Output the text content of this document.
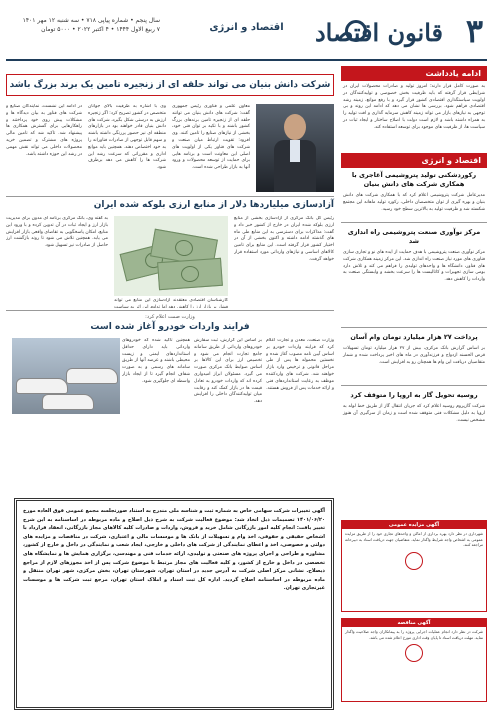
۳
قانون اقتصاد
اقتصاد و انرژی
سال پنجم • شماره پیاپی ۷۱۸ • سه شنبه ۱۲ مهر ۱۴۰۱
۷ ربیع الاول ۱۴۴۴ • ۴ اکتبر ۲۰۲۲ • ۵۰۰۰ تومان
ادامه یادداشت
به صورت کامل قرار دارند؛ امروز تولید و صادرات محصولات ایران در شرایطی قرار گرفته که باید ظرفیت بخش خصوصی و تولیدکنندگان در اولویت سیاستگذاری اقتصادی کشور قرار گیرد و با رفع موانع، زمینه رشد اقتصادی فراهم شود. بررسی ها نشان می دهد که ادامه این روند و بی توجهی به نیازهای بازار می تواند زمینه کاهش سرمایه گذاری و افت تولید را به همراه داشته باشد و لازم است دولت با اصلاح ساختار و ایجاد ثبات در سیاست ها، از ظرفیت های موجود برای توسعه استفاده کند.
اقتصاد و انرژی
رکوردشکنی تولید پتروشیمی آغاجری با همکاری شرکت های دانش بنیان
مدیرعامل شرکت پتروشیمی اعلام کرد که با همکاری شرکت های دانش بنیان و بهره گیری از توان متخصصان داخلی، رکورد تولید ماهانه این مجتمع شکسته شد و ظرفیت تولید به بالاترین سطح خود رسید.
مرکز نوآوری صنعت پتروشیمی راه اندازی شد
مرکز نوآوری صنعت پتروشیمی با هدف حمایت از ایده های نو و تجاری سازی فناوری های مورد نیاز صنعت راه اندازی شد. این مرکز زمینه همکاری شرکت های فناور، دانشگاه ها و واحدهای تولیدی را فراهم می کند و تلاش دارد بومی سازی تجهیزات و کاتالیست ها را سرعت بخشد و وابستگی صنعت به واردات را کاهش دهد.
پرداخت ۲۷ هزار میلیارد تومان وام آسان
بر اساس گزارش بانک مرکزی، بیش از ۲۷ هزار میلیارد تومان تسهیلات قرض الحسنه ازدواج و فرزندآوری در ماه های اخیر پرداخت شده و شمار متقاضیان دریافت این وام ها همچنان رو به افزایش است.
روسیه تحویل گاز به اروپا را متوقف کرد
شرکت گازپروم روسیه اعلام کرد که جریان انتقال گاز از طریق خط لوله به اروپا به دلیل مشکلات فنی متوقف شده است و زمان از سرگیری آن هنوز مشخص نیست.
شرکت دانش بنیان می تواند حلقه ای از زنجیره تامین یک برند بزرگ باشد
معاون علمی و فناوری رئیس جمهوری گفت: شرکت های دانش بنیان می توانند حلقه ای از زنجیره تامین برندهای بزرگ کشور باشند و با تکیه بر توان فنی خود، بخشی از نیازهای صنایع را تامین کنند. وی افزود: تقویت ارتباط میان صنعت و شرکت های فناور یکی از اولویت های اصلی این معاونت است و برنامه هایی برای حمایت از توسعه محصولات و ورود آنها به بازار طراحی شده است.
وی با اشاره به ظرفیت بالای جوانان متخصص در کشور تصریح کرد: اگر زنجیره ارزش به درستی شکل بگیرد، شرکت های دانش بنیان قادر خواهند بود در بازارهای منطقه ای نیز حضور پررنگی داشته باشند و سهم قابل توجهی از صادرات فناورانه را به خود اختصاص دهند. همچنین باید موانع اداری و مقرراتی که سرعت رشد این شرکت ها را کاهش می دهد برطرف شود.
در ادامه این نشست، نمایندگان صنایع و شرکت های فناور به بیان دیدگاه ها و مشکلات پیش روی خود پرداختند و راهکارهایی برای گسترش همکاری ها پیشنهاد شد. تاکید شد که تامین مالی پروژه های مشترک و تضمین خرید محصولات داخلی می تواند نقش مهمی در رشد این حوزه داشته باشد.
آزادسازی میلیاردها دلار از منابع ارزی بلوکه شده ایران
رئیس کل بانک مرکزی از آزادسازی بخشی از منابع ارزی بلوکه شده ایران در خارج از کشور خبر داد و گفت: مذاکرات برای دسترسی به این منابع طی ماه های گذشته ادامه داشته و اکنون بخشی از آن در اختیار کشور قرار گرفته است. این منابع برای تامین کالاهای اساسی و نیازهای وارداتی مورد استفاده قرار خواهد گرفت.
به گفته وی، بانک مرکزی برنامه ای مدون برای مدیریت بازار ارز و ایجاد ثبات در آن تدوین کرده و با ورود این منابع، امکان پاسخگویی به تقاضای واقعی بازار افزایش می یابد. همچنین تلاش می شود تا روند بازگشت ارز حاصل از صادرات نیز تسهیل شود.
کارشناسان اقتصادی معتقدند آزادسازی این منابع می تواند فشار بر بازار ارز را کاهش دهد اما تداوم این اثر به سیاست
وزارت صمت اعلام کرد:
فرایند واردات خودرو آغاز شده است
وزارت صنعت، معدن و تجارت اعلام کرد که فرایند واردات خودرو بر اساس آیین نامه مصوب آغاز شده و نخستین محموله ها پس از طی مراحل قانونی و ترخیص وارد بازار خواهند شد. شرکت های واردکننده موظف به رعایت استانداردهای فنی و ارائه خدمات پس از فروش هستند.
بر اساس این گزارش، ثبت سفارش خودروهای وارداتی از طریق سامانه جامع تجارت انجام می شود و تخصیص ارز برای این کالاها بر اساس ضوابط بانک مرکزی صورت می گیرد. مسئولان ابراز امیدواری کرده اند که واردات خودرو به تعادل قیمت ها در بازار کمک کند و رقابت میان تولیدکنندگان داخلی را افزایش دهد.
همچنین تاکید شده که خودروهای وارداتی باید دارای حداقل استانداردهای ایمنی و زیست محیطی باشند و عرضه آنها از طریق سامانه های رسمی و به صورت شفاف انجام گیرد تا از ایجاد بازار واسطه ای جلوگیری شود.
آگهی تغییرات شرکت سهامی خاص به شماره ثبت و شناسه ملی مندرج به استناد صورتجلسه مجمع عمومی فوق العاده مورخ ۱۴۰۱/۰۶/۲۰ تصمیمات ذیل اتخاذ شد: موضوع فعالیت شرکت به شرح ذیل اصلاح و ماده مربوطه در اساسنامه به این شرح تغییر یافت: انجام کلیه امور بازرگانی شامل خرید و فروش، واردات و صادرات کلیه کالاهای مجاز بازرگانی، انعقاد قرارداد با اشخاص حقیقی و حقوقی، اخذ وام و تسهیلات از بانک ها و موسسات مالی و اعتباری، شرکت در مناقصات و مزایده های دولتی و خصوصی، اخذ و اعطای نمایندگی از شرکت های داخلی و خارجی، ایجاد شعب و نمایندگی در داخل و خارج از کشور، مشاوره و طراحی و اجرای پروژه های صنعتی و تولیدی، ارائه خدمات فنی و مهندسی، برگزاری همایش ها و نمایشگاه های تخصصی در داخل و خارج از کشور، و کلیه فعالیت های مجاز مرتبط با موضوع شرکت پس از اخذ مجوزهای لازم از مراجع ذیصلاح. نشانی مرکز اصلی شرکت به آدرس جدید در استان تهران، شهرستان تهران، بخش مرکزی، شهر تهران منتقل و ماده مربوطه در اساسنامه اصلاح گردید. اداره کل ثبت اسناد و املاک استان تهران، مرجع ثبت شرکت ها و موسسات غیرتجاری تهران.
آگهی مزایده عمومی
شهرداری در نظر دارد بهره برداری از اماکن و واحدهای تجاری خود را از طریق مزایده عمومی به اشخاص واجد شرایط واگذار نماید. متقاضیان جهت دریافت اسناد به دبیرخانه مراجعه کنند.
آگهی مناقصه
شرکت در نظر دارد انجام عملیات اجرایی پروژه را به پیمانکاران واجد صلاحیت واگذار نماید. مهلت دریافت اسناد تا پایان وقت اداری مورخ اعلام شده می باشد.
